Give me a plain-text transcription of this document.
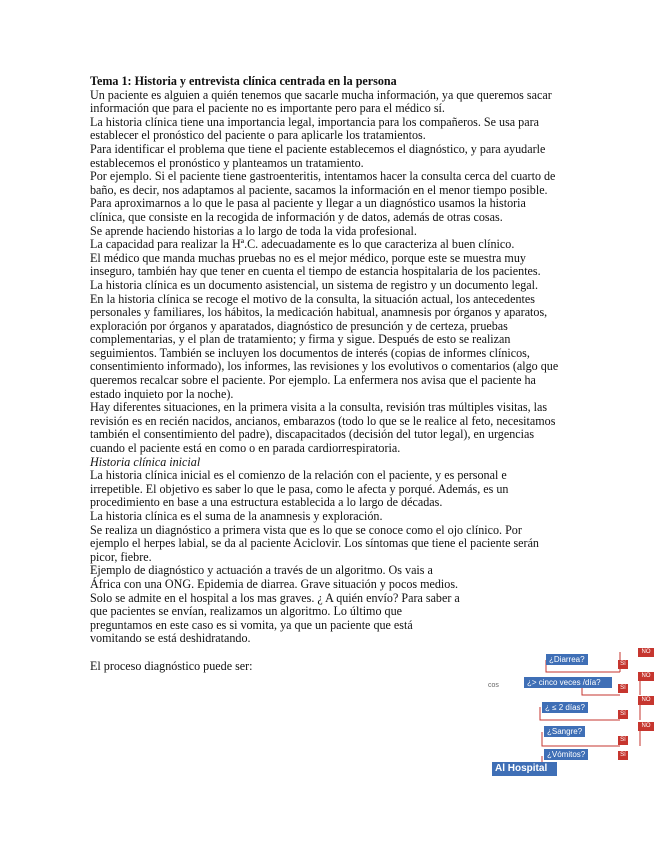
Tema 1: Historia y entrevista clínica centrada en la persona

Un paciente es alguien a quién tenemos que sacarle mucha información, ya que queremos sacar información que para el paciente no es importante pero para el médico sí.

La historia clínica tiene una importancia legal, importancia para los compañeros. Se usa para establecer el pronóstico del paciente o para aplicarle los tratamientos.

Para identificar el problema que tiene el paciente establecemos el diagnóstico, y para ayudarle establecemos el pronóstico y planteamos un tratamiento.

Por ejemplo. Si el paciente tiene gastroenteritis, intentamos hacer la consulta cerca del cuarto de baño, es decir, nos adaptamos al paciente, sacamos la información en el menor tiempo posible.

Para aproximarnos a lo que le pasa al paciente y llegar a un diagnóstico usamos la historia clínica, que consiste en la recogida de información y de datos, además de otras cosas.

Se aprende haciendo historias a lo largo de toda la vida profesional.

La capacidad para realizar la Hª.C. adecuadamente es lo que caracteriza al buen clínico.

El médico que manda muchas pruebas no es el mejor médico, porque este se muestra muy inseguro, también hay que tener en cuenta el tiempo de estancia hospitalaria de los pacientes.

La historia clínica es un documento asistencial, un sistema de registro y un documento legal.

En la historia clínica se recoge el motivo de la consulta, la situación actual, los antecedentes personales y familiares, los hábitos, la medicación habitual, anamnesis por órganos y aparatos, exploración por órganos y aparatados, diagnóstico de presunción y de certeza, pruebas complementarias, y el plan de tratamiento; y firma y sigue. Después de esto se realizan seguimientos. También se incluyen los documentos de interés (copias de informes clínicos, consentimiento informado), los informes, las revisiones y los evolutivos o comentarios (algo que queremos recalcar sobre el paciente. Por ejemplo. La enfermera nos avisa que el paciente ha estado inquieto por la noche).

Hay diferentes situaciones, en la primera visita a la consulta, revisión tras múltiples visitas, las revisión es en recién nacidos, ancianos, embarazos (todo lo que se le realice al feto, necesitamos también el consentimiento del padre), discapacitados (decisión del tutor legal), en urgencias cuando el paciente está en como o en parada cardiorrespiratoria.

Historia clínica inicial

La historia clínica inicial es el comienzo de la relación con el paciente, y es personal e irrepetible. El objetivo es saber lo que le pasa, como le afecta y porqué. Además, es un procedimiento en base a una estructura establecida a lo largo de décadas.

La historia clínica es el suma de la anamnesis y exploración.

Se realiza un diagnóstico a primera vista que es lo que se conoce como el ojo clínico. Por ejemplo el herpes labial, se da al paciente Aciclovir. Los síntomas que tiene el paciente serán picor, fiebre.

Ejemplo de diagnóstico y actuación a través de un algoritmo. Os vais a África con una ONG. Epidemia de diarrea. Grave situación y pocos medios. Solo se admite en el hospital a los mas graves. ¿ A quién envío? Para saber a que pacientes se envían, realizamos un algoritmo. Lo último que preguntamos en este caso es si vomita, ya que un paciente que está vomitando se está deshidratando.

El proceso diagnóstico puede ser:

cos
¿Diarrea?	Sí
NO
¿> cinco veces /día?
Sí
NO
¿ ≤ 2 días?
Sí
NO
¿Sangre?
Sí
NO
¿Vómitos?	Sí
Al Hospital
